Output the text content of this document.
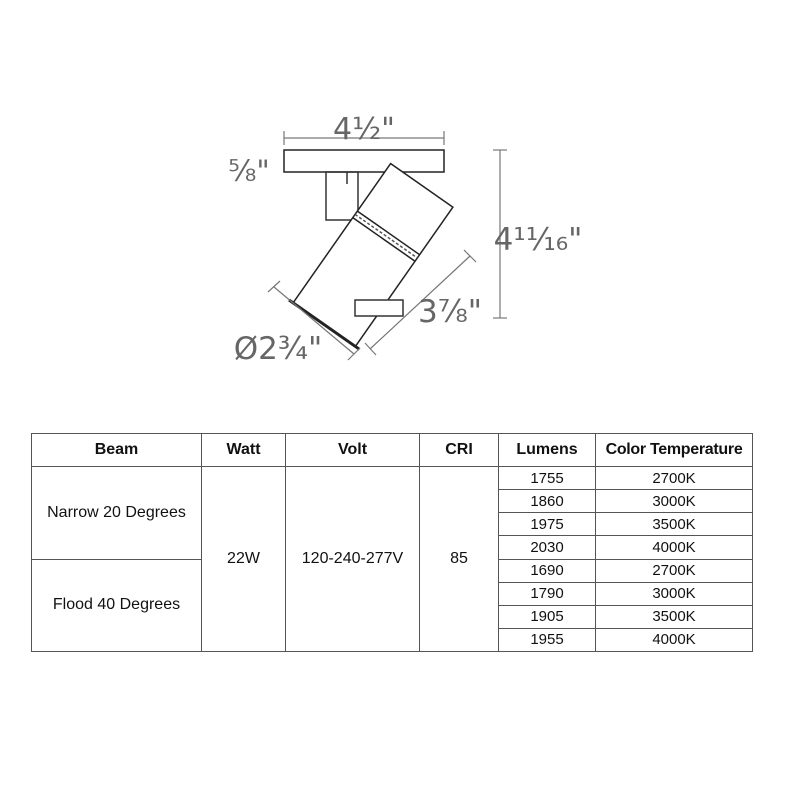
4½"
⅝"
4¹¹⁄₁₆"
3⅞"
Ø2¾"
Beam	Watt	Volt	CRI	Lumens	Color Temperature
Narrow 20 Degrees	22W	120-240-277V	85	1755	2700K
				1860	3000K
				1975	3500K
				2030	4000K
Flood 40 Degrees				1690	2700K
				1790	3000K
				1905	3500K
				1955	4000K
